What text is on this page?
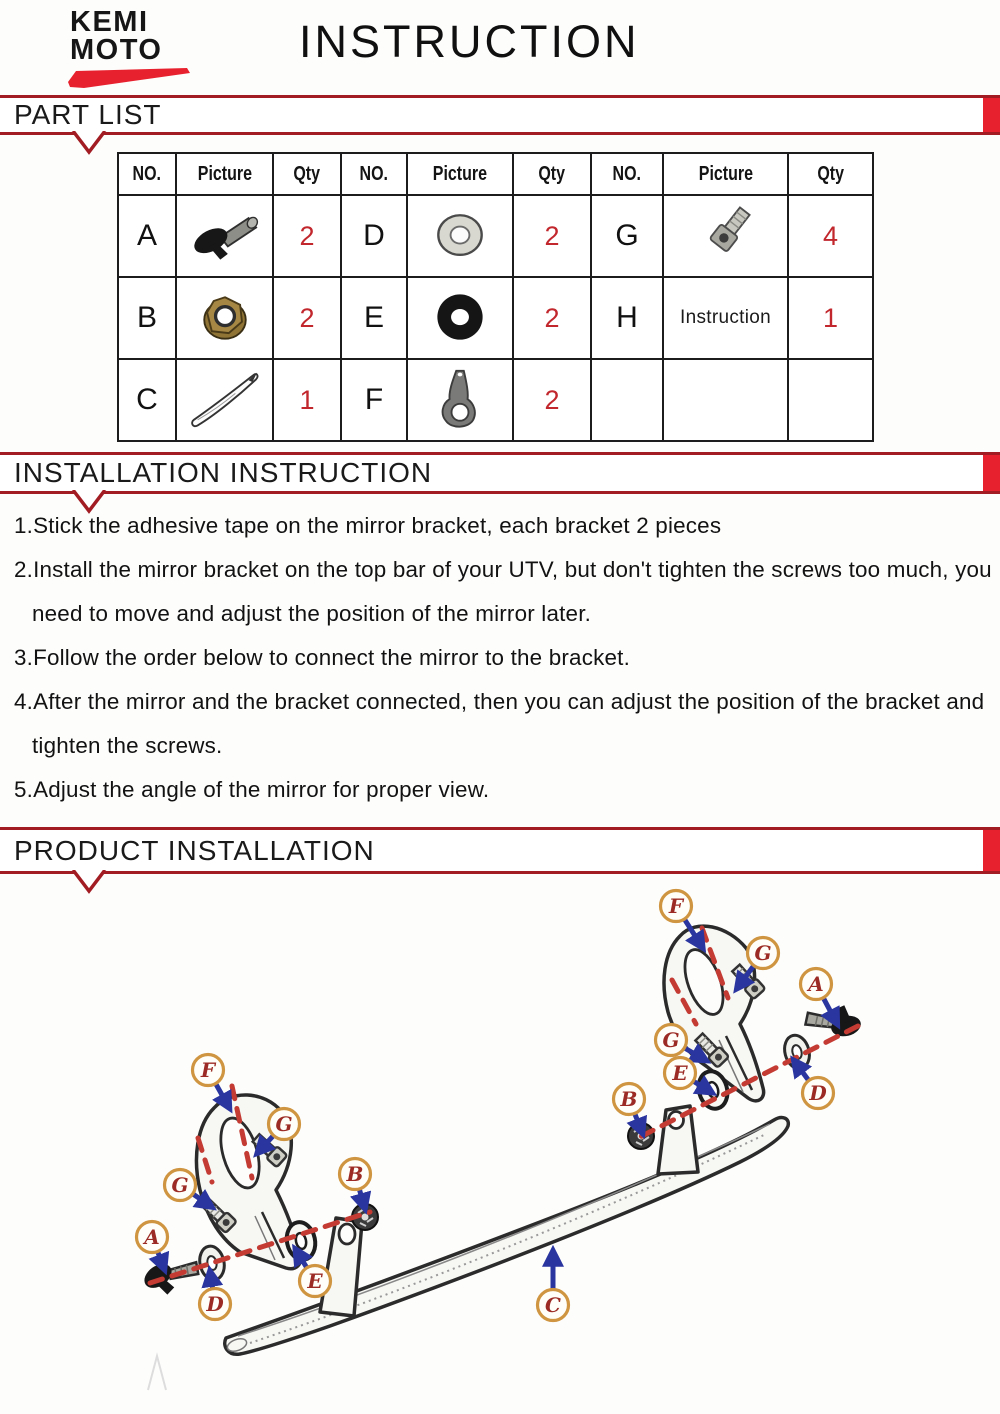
KEMI
MOTO	INSTRUCTION
PART LIST
NO.	Picture	Qty	NO.	Picture	Qty	NO.	Picture	Qty
A		2	D		2	G		4
B		2	E		2	H	Instruction	1
C		1	F		2			
INSTALLATION INSTRUCTION
1.Stick the adhesive tape on the mirror bracket, each bracket 2 pieces
2.Install the mirror bracket on the top bar of your UTV, but don't tighten the screws too much, you need to move and adjust the position of the mirror later.
3.Follow the order below to connect the mirror to the bracket.
4.After the mirror and the bracket connected, then you can adjust the position of the bracket and tighten the screws.
5.Adjust the angle of the mirror for proper view.
PRODUCT INSTALLATION
F
G
G	B
A
D
E
C
F
G
A
G
E
B	D
